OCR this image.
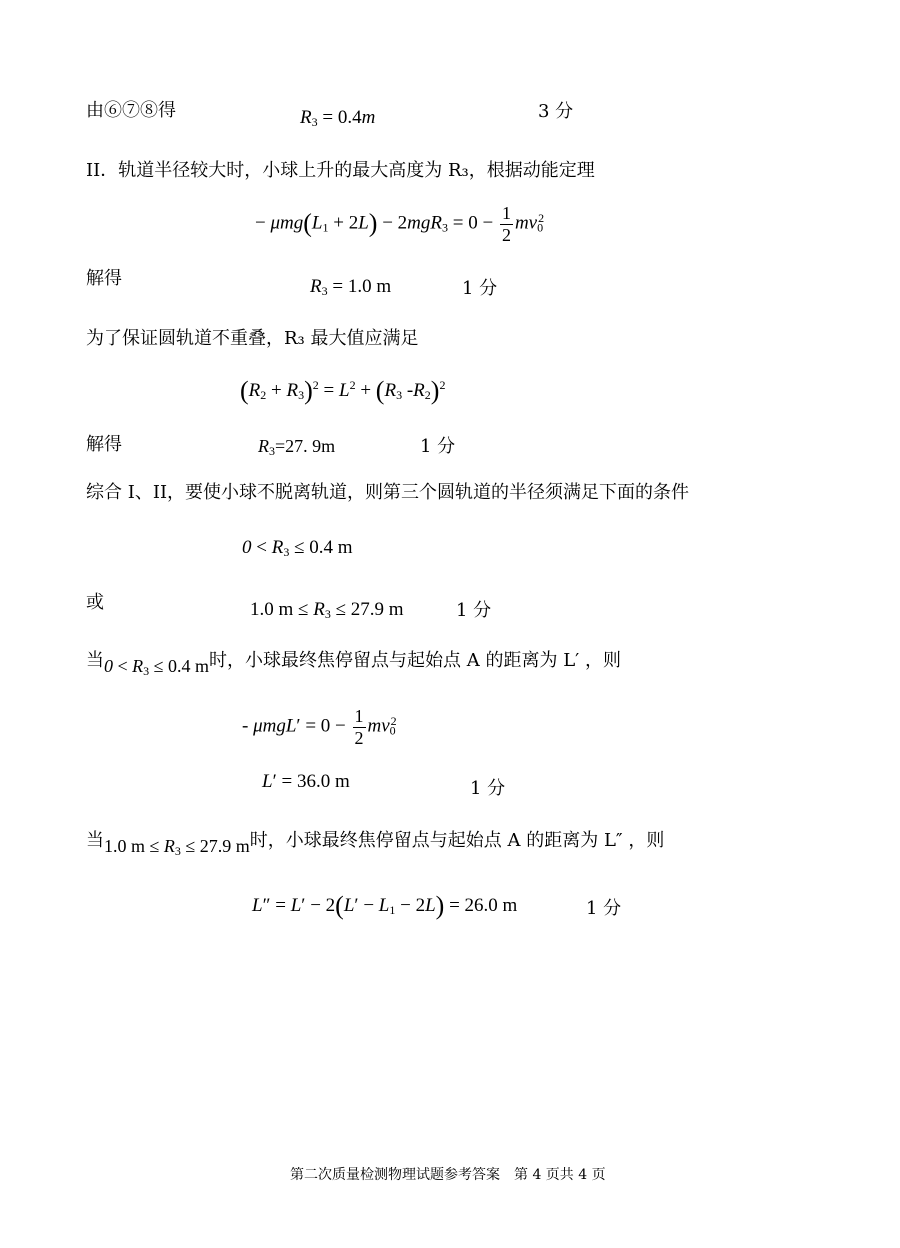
由⑥⑦⑧得	$R_3 = 0.4m$	3 分
II．轨道半径较大时，小球上升的最大高度为 R₃，根据动能定理
− $\mu mg(L_1 + 2L) - 2mgR_3 = 0 - \frac{1}{2} mv_0^2$
解得	$R_3 = 1.0$ m	1 分
为了保证圆轨道不重叠，R₃ 最大值应满足
$(R_2 + R_3)^2 = L^2 + (R_3$ $-R_2)^2$
解得	$R_3=27$. 9m	1 分
综合 I、II，要使小球不脱离轨道，则第三个圆轨道的半径须满足下面的条件
$0 < R_3 \le 0.4$ m
或	1.0 $m \le R_3 \le 27.9$ m	1 分
当$0 < R_3 \le 0.4$ m时，小球最终焦停留点与起始点 A 的距离为 L′ ，则
- $\mu mgL' = 0 - \frac{1}{2} mv_0^2$
L′ = 36.0 m	1 分
当1.0 $m \le R_3 \le 27.9$ m时，小球最终焦停留点与起始点 A 的距离为 L″ ，则
$L'' = L' - 2(L' - L_1 - 2L) = 26.0$ m	1 分
第二次质量检测物理试题参考答案　第 4 页共 4 页
